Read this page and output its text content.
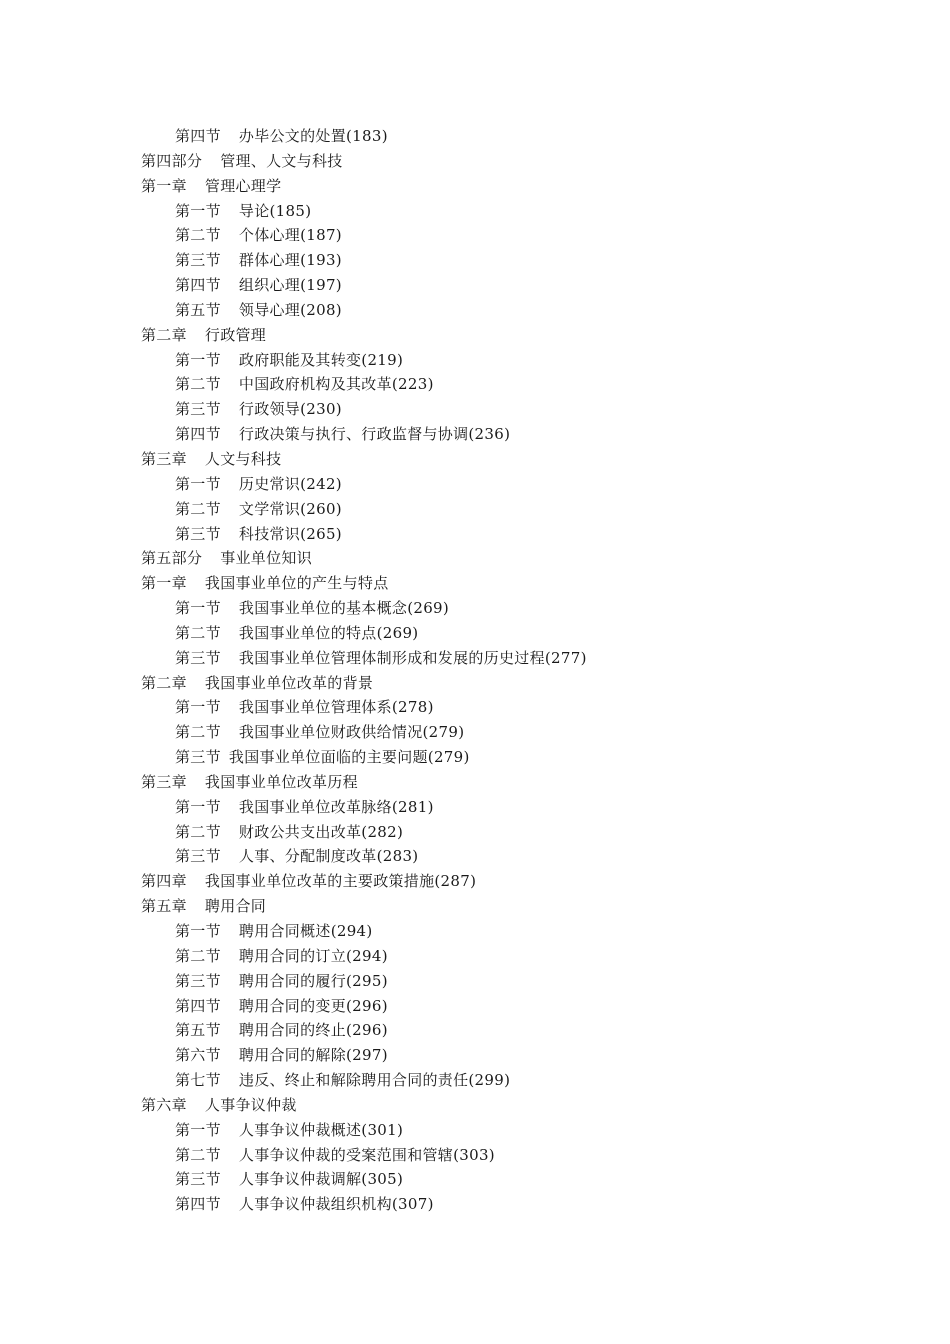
第四节 办毕公文的处置(183)
第四部分 管理、人文与科技
第一章 管理心理学
第一节 导论(185)
第二节 个体心理(187)
第三节 群体心理(193)
第四节 组织心理(197)
第五节 领导心理(208)
第二章 行政管理
第一节 政府职能及其转变(219)
第二节 中国政府机构及其改革(223)
第三节 行政领导(230)
第四节 行政决策与执行、行政监督与协调(236)
第三章 人文与科技
第一节 历史常识(242)
第二节 文学常识(260)
第三节 科技常识(265)
第五部分 事业单位知识
第一章 我国事业单位的产生与特点
第一节 我国事业单位的基本概念(269)
第二节 我国事业单位的特点(269)
第三节 我国事业单位管理体制形成和发展的历史过程(277)
第二章 我国事业单位改革的背景
第一节 我国事业单位管理体系(278)
第二节 我国事业单位财政供给情况(279)
第三节 我国事业单位面临的主要问题(279)
第三章 我国事业单位改革历程
第一节 我国事业单位改革脉络(281)
第二节 财政公共支出改革(282)
第三节 人事、分配制度改革(283)
第四章 我国事业单位改革的主要政策措施(287)
第五章 聘用合同
第一节 聘用合同概述(294)
第二节 聘用合同的订立(294)
第三节 聘用合同的履行(295)
第四节 聘用合同的变更(296)
第五节 聘用合同的终止(296)
第六节 聘用合同的解除(297)
第七节 违反、终止和解除聘用合同的责任(299)
第六章 人事争议仲裁
第一节 人事争议仲裁概述(301)
第二节 人事争议仲裁的受案范围和管辖(303)
第三节 人事争议仲裁调解(305)
第四节 人事争议仲裁组织机构(307)
